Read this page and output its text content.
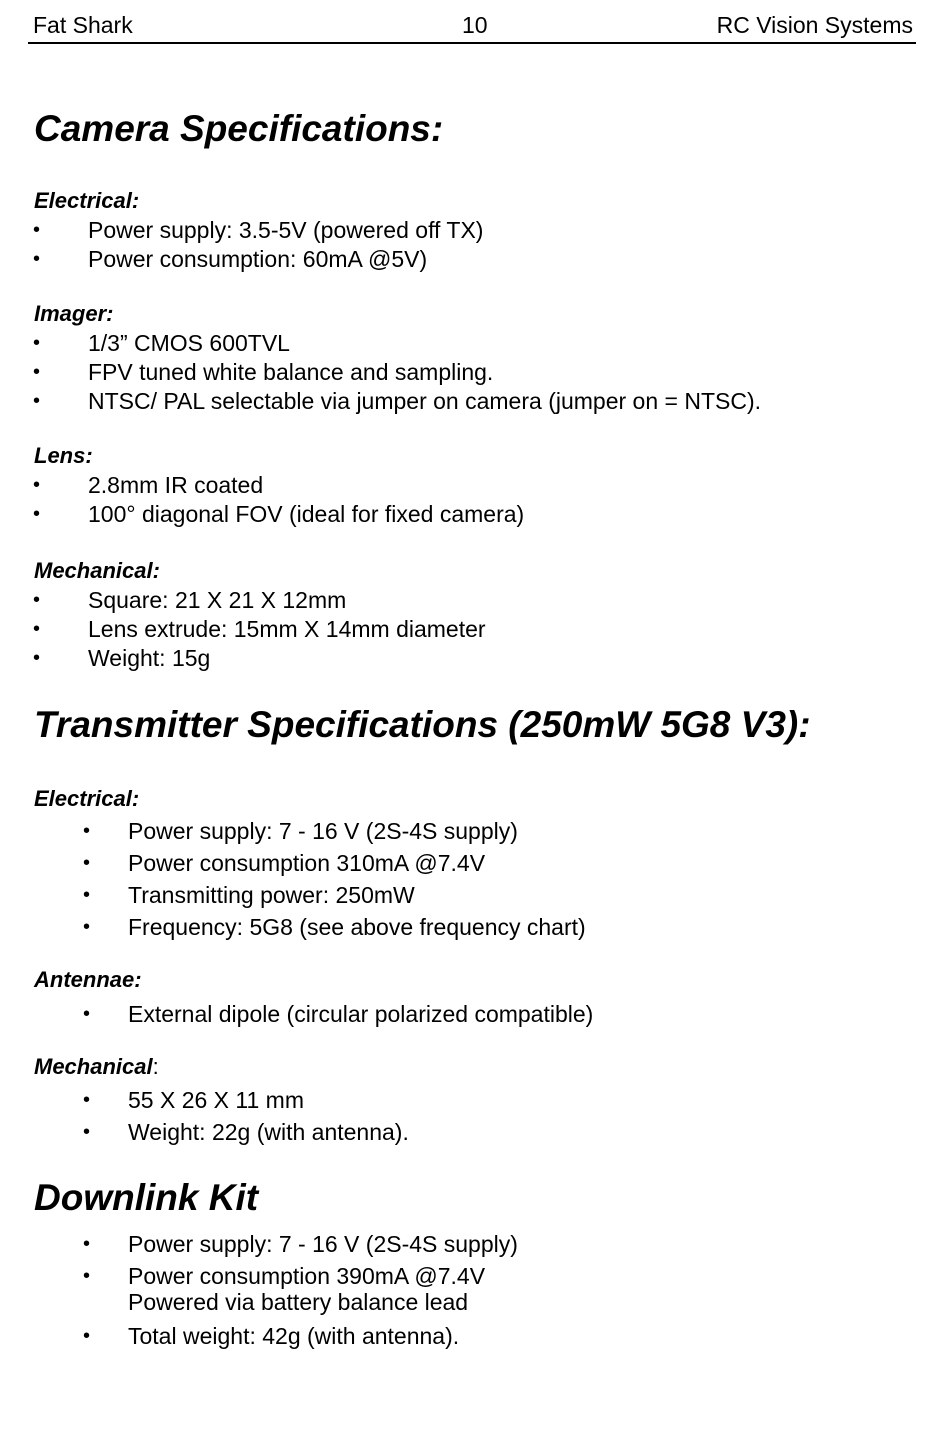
Fat Shark	10	RC Vision Systems
Camera Specifications:
Electrical:
• Power supply: 3.5-5V (powered off TX)
• Power consumption: 60mA @5V)
Imager:
• 1/3” CMOS 600TVL
• FPV tuned white balance and sampling.
• NTSC/ PAL selectable via jumper on camera (jumper on = NTSC).
Lens:
• 2.8mm IR coated
• 100° diagonal FOV (ideal for fixed camera)
Mechanical:
• Square: 21 X 21 X 12mm
• Lens extrude: 15mm X 14mm diameter
• Weight: 15g
Transmitter Specifications (250mW 5G8 V3):
Electrical:
• Power supply: 7 - 16 V (2S-4S supply)
• Power consumption 310mA @7.4V
• Transmitting power: 250mW
• Frequency: 5G8 (see above frequency chart)
Antennae:
• External dipole (circular polarized compatible)
Mechanical:
• 55 X 26 X 11 mm
• Weight: 22g (with antenna).
Downlink Kit
• Power supply: 7 - 16 V (2S-4S supply)
• Power consumption 390mA @7.4V
Powered via battery balance lead
• Total weight: 42g (with antenna).
